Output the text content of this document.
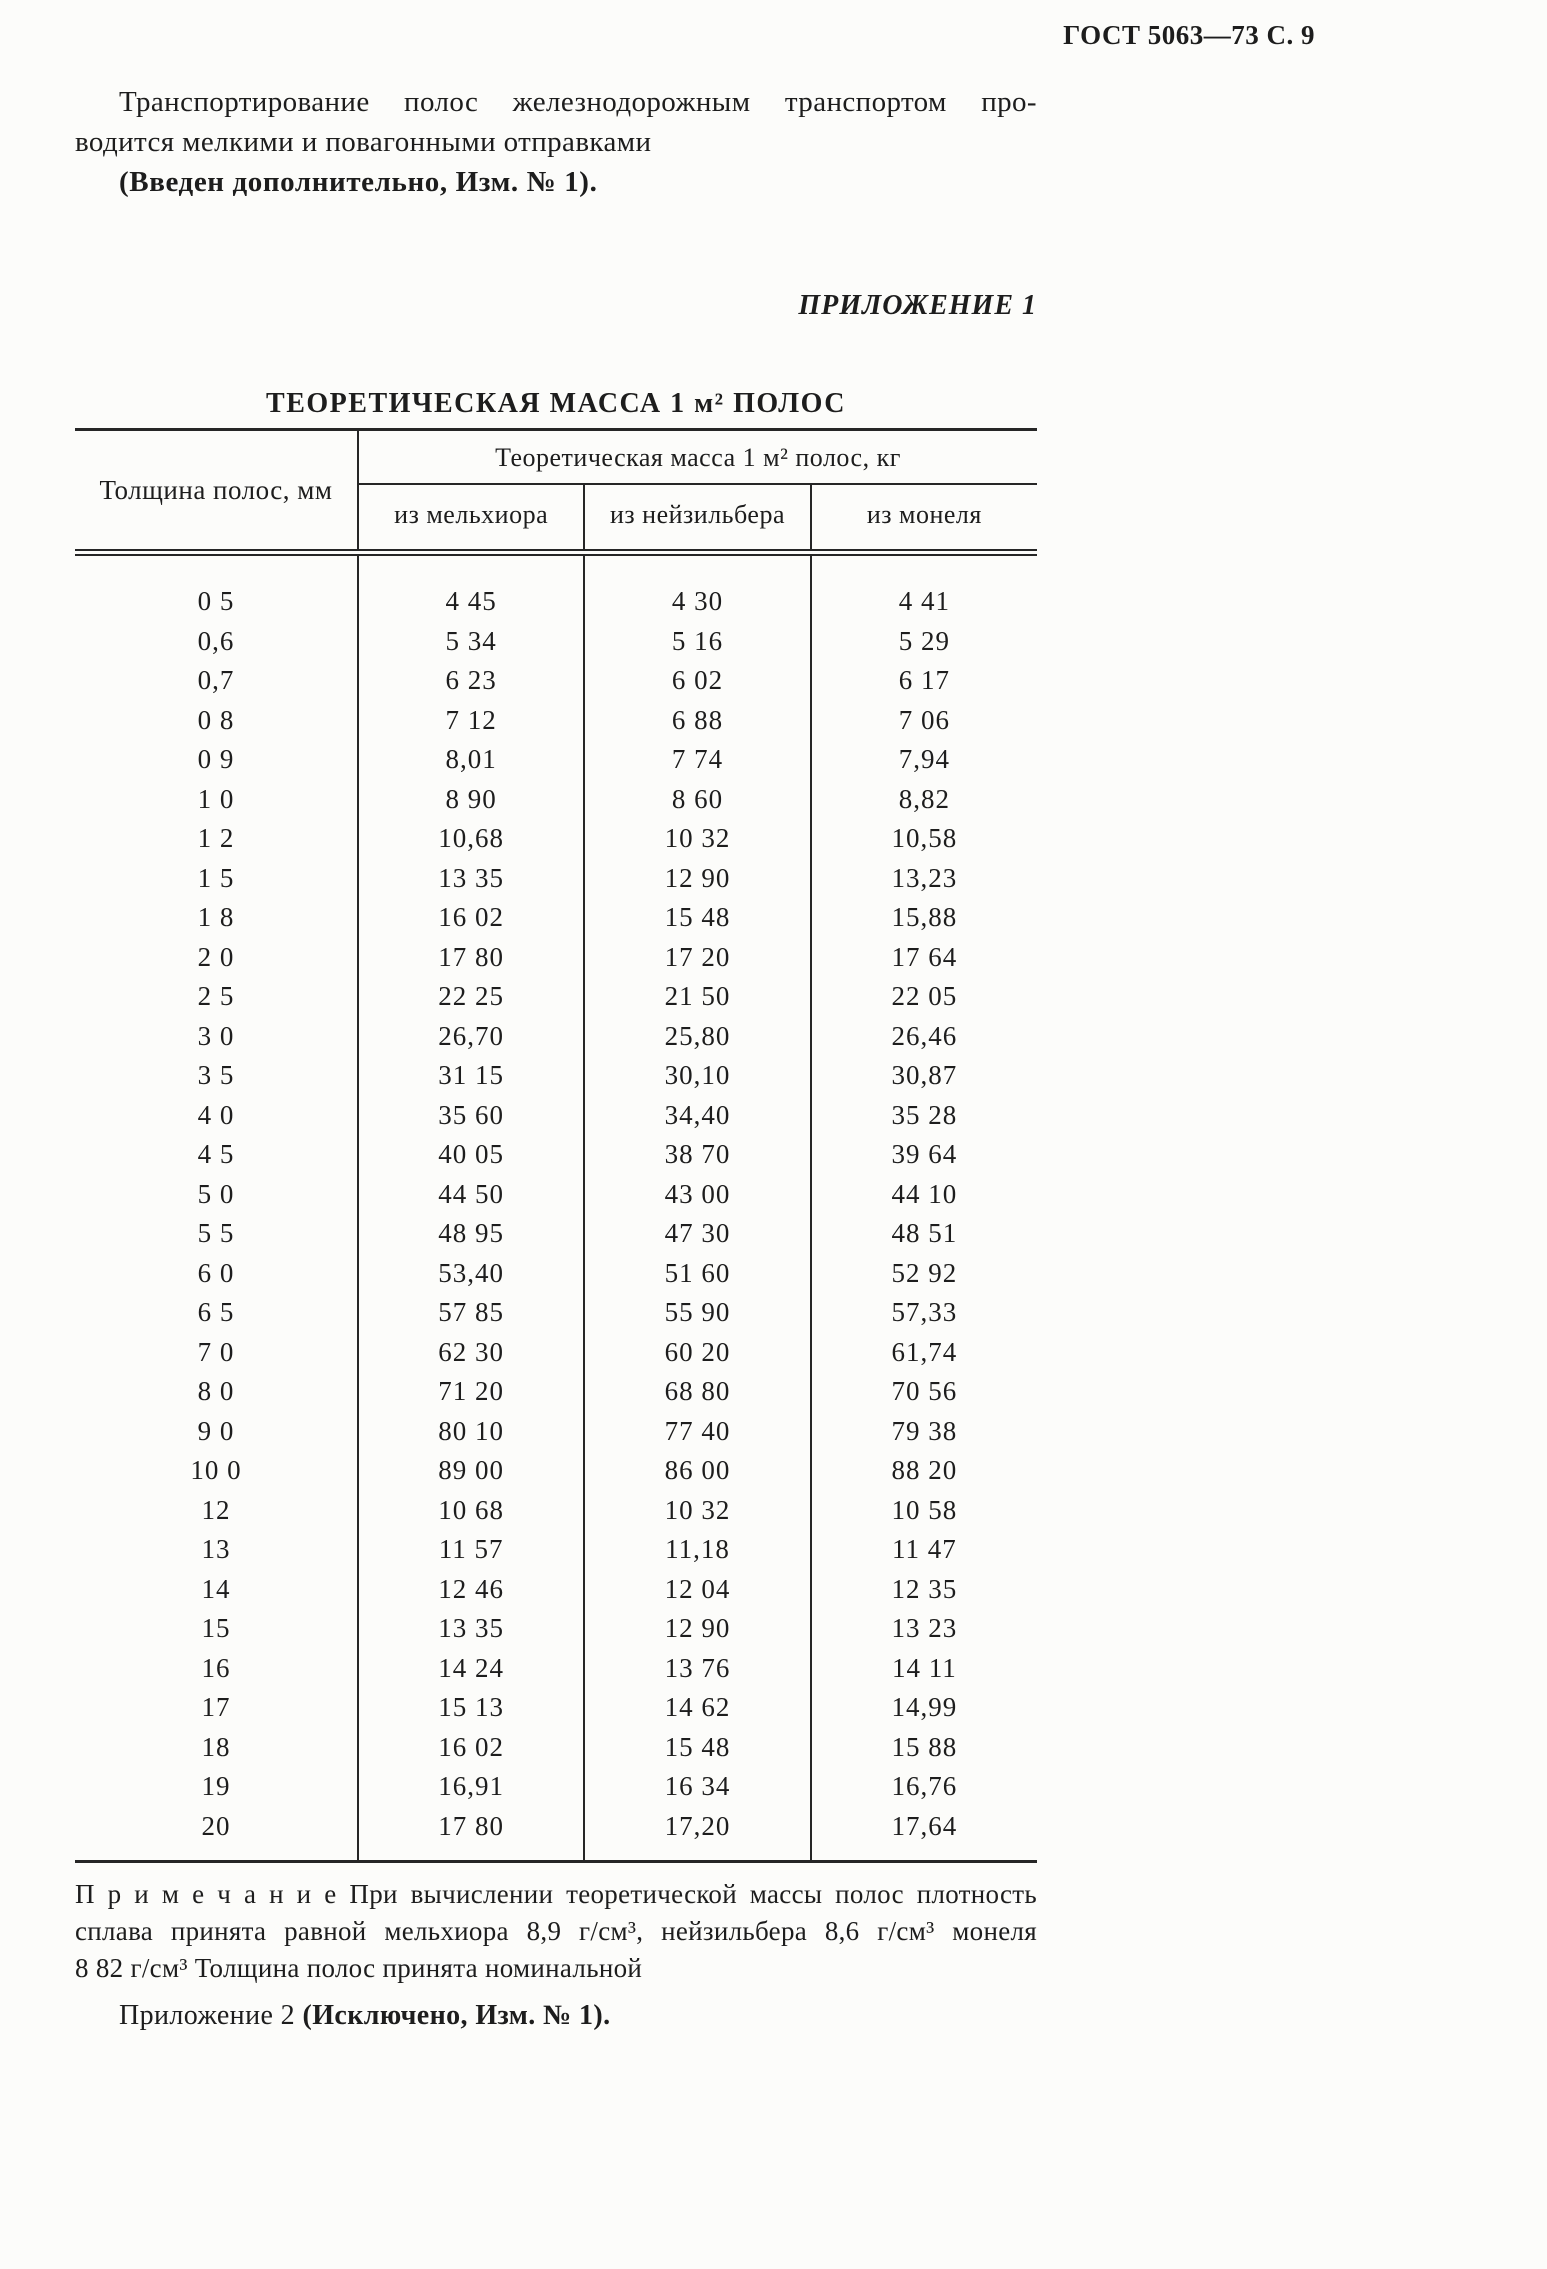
ГОСТ 5063—73 С. 9
Транспортирование полос железнодорожным транспортом про-
водится мелкими и повагонными отправками
(Введен дополнительно, Изм. № 1).
ПРИЛОЖЕНИЕ 1
ТЕОРЕТИЧЕСКАЯ МАССА 1 м² ПОЛОС
Толщина полос, мм	Теоретическая масса 1 м² полос, кг		
	из мельхиора	из нейзильбера	из монеля
0 5	4 45	4 30	4 41
0,6	5 34	5 16	5 29
0,7	6 23	6 02	6 17
0 8	7 12	6 88	7 06
0 9	8,01	7 74	7,94
1 0	8 90	8 60	8,82
1 2	10,68	10 32	10,58
1 5	13 35	12 90	13,23
1 8	16 02	15 48	15,88
2 0	17 80	17 20	17 64
2 5	22 25	21 50	22 05
3 0	26,70	25,80	26,46
3 5	31 15	30,10	30,87
4 0	35 60	34,40	35 28
4 5	40 05	38 70	39 64
5 0	44 50	43 00	44 10
5 5	48 95	47 30	48 51
6 0	53,40	51 60	52 92
6 5	57 85	55 90	57,33
7 0	62 30	60 20	61,74
8 0	71 20	68 80	70 56
9 0	80 10	77 40	79 38
10 0	89 00	86 00	88 20
12	10 68	10 32	10 58
13	11 57	11,18	11 47
14	12 46	12 04	12 35
15	13 35	12 90	13 23
16	14 24	13 76	14 11
17	15 13	14 62	14,99
18	16 02	15 48	15 88
19	16,91	16 34	16,76
20	17 80	17,20	17,64
П р и м е ч а н и е При вычислении теоретической массы полос плотность
сплава принята равной мельхиора 8,9 г/см³, нейзильбера 8,6 г/см³ монеля
8 82 г/см³ Толщина полос принята номинальной
Приложение 2 (Исключено, Изм. № 1).
